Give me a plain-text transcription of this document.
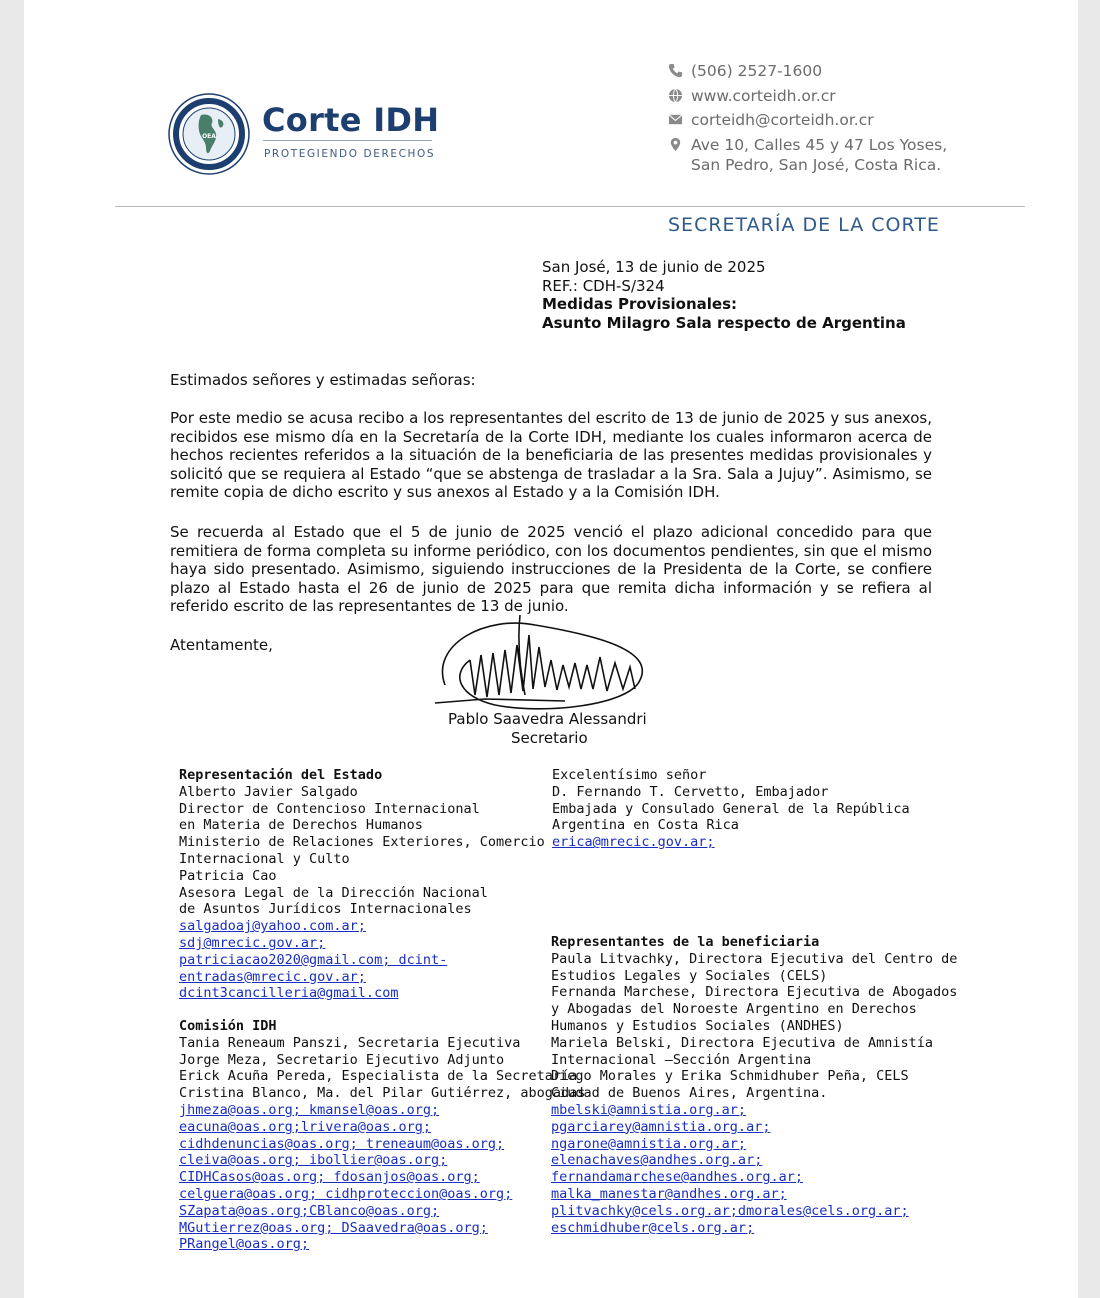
OEA Corte IDH
PROTEGIENDO DERECHOS
(506) 2527-1600
www.corteidh.or.cr
corteidh@corteidh.or.cr
Ave 10, Calles 45 y 47 Los Yoses,
San Pedro, San José, Costa Rica.
SECRETARÍA DE LA CORTE
San José, 13 de junio de 2025
REF.: CDH-S/324
Medidas Provisionales:
Asunto Milagro Sala respecto de Argentina
Estimados señores y estimadas señoras:
Por este medio se acusa recibo a los representantes del escrito de 13 de junio de 2025 y sus anexos, recibidos ese mismo día en la Secretaría de la Corte IDH, mediante los cuales informaron acerca de hechos recientes referidos a la situación de la beneficiaria de las presentes medidas provisionales y solicitó que se requiera al Estado “que se abstenga de trasladar a la Sra. Sala a Jujuy”. Asimismo, se remite copia de dicho escrito y sus anexos al Estado y a la Comisión IDH.
Se recuerda al Estado que el 5 de junio de 2025 venció el plazo adicional concedido para que remitiera de forma completa su informe periódico, con los documentos pendientes, sin que el mismo haya sido presentado. Asimismo, siguiendo instrucciones de la Presidenta de la Corte, se confiere plazo al Estado hasta el 26 de junio de 2025 para que remita dicha información y se refiera al referido escrito de las representantes de 13 de junio.
Atentamente,
Pablo Saavedra Alessandri
Secretario
Representación del Estado
Alberto Javier Salgado
Director de Contencioso Internacional
en Materia de Derechos Humanos
Ministerio de Relaciones Exteriores, Comercio
Internacional y Culto
Patricia Cao
Asesora Legal de la Dirección Nacional
de Asuntos Jurídicos Internacionales
salgadoaj@yahoo.com.ar;
sdj@mrecic.gov.ar;
patriciacao2020@gmail.com; dcint-
entradas@mrecic.gov.ar;
dcint3cancilleria@gmail.com
Comisión IDH
Tania Reneaum Panszi, Secretaria Ejecutiva
Jorge Meza, Secretario Ejecutivo Adjunto
Erick Acuña Pereda, Especialista de la Secretaría
Cristina Blanco, Ma. del Pilar Gutiérrez, abogadas
jhmeza@oas.org; kmansel@oas.org;
eacuna@oas.org;lrivera@oas.org;
cidhdenuncias@oas.org; treneaum@oas.org;
cleiva@oas.org; ibollier@oas.org;
CIDHCasos@oas.org; fdosanjos@oas.org;
celguera@oas.org; cidhproteccion@oas.org;
SZapata@oas.org;CBlanco@oas.org;
MGutierrez@oas.org; DSaavedra@oas.org;
PRangel@oas.org;
Excelentísimo señor
D. Fernando T. Cervetto, Embajador
Embajada y Consulado General de la República
Argentina en Costa Rica
erica@mrecic.gov.ar;
Representantes de la beneficiaria
Paula Litvachky, Directora Ejecutiva del Centro de
Estudios Legales y Sociales (CELS)
Fernanda Marchese, Directora Ejecutiva de Abogados
y Abogadas del Noroeste Argentino en Derechos
Humanos y Estudios Sociales (ANDHES)
Mariela Belski, Directora Ejecutiva de Amnistía
Internacional –Sección Argentina
Diego Morales y Erika Schmidhuber Peña, CELS
Ciudad de Buenos Aires, Argentina.
mbelski@amnistia.org.ar;
pgarciarey@amnistia.org.ar;
ngarone@amnistia.org.ar;
elenachaves@andhes.org.ar;
fernandamarchese@andhes.org.ar;
malka_manestar@andhes.org.ar;
plitvachky@cels.org.ar;dmorales@cels.org.ar;
eschmidhuber@cels.org.ar;
